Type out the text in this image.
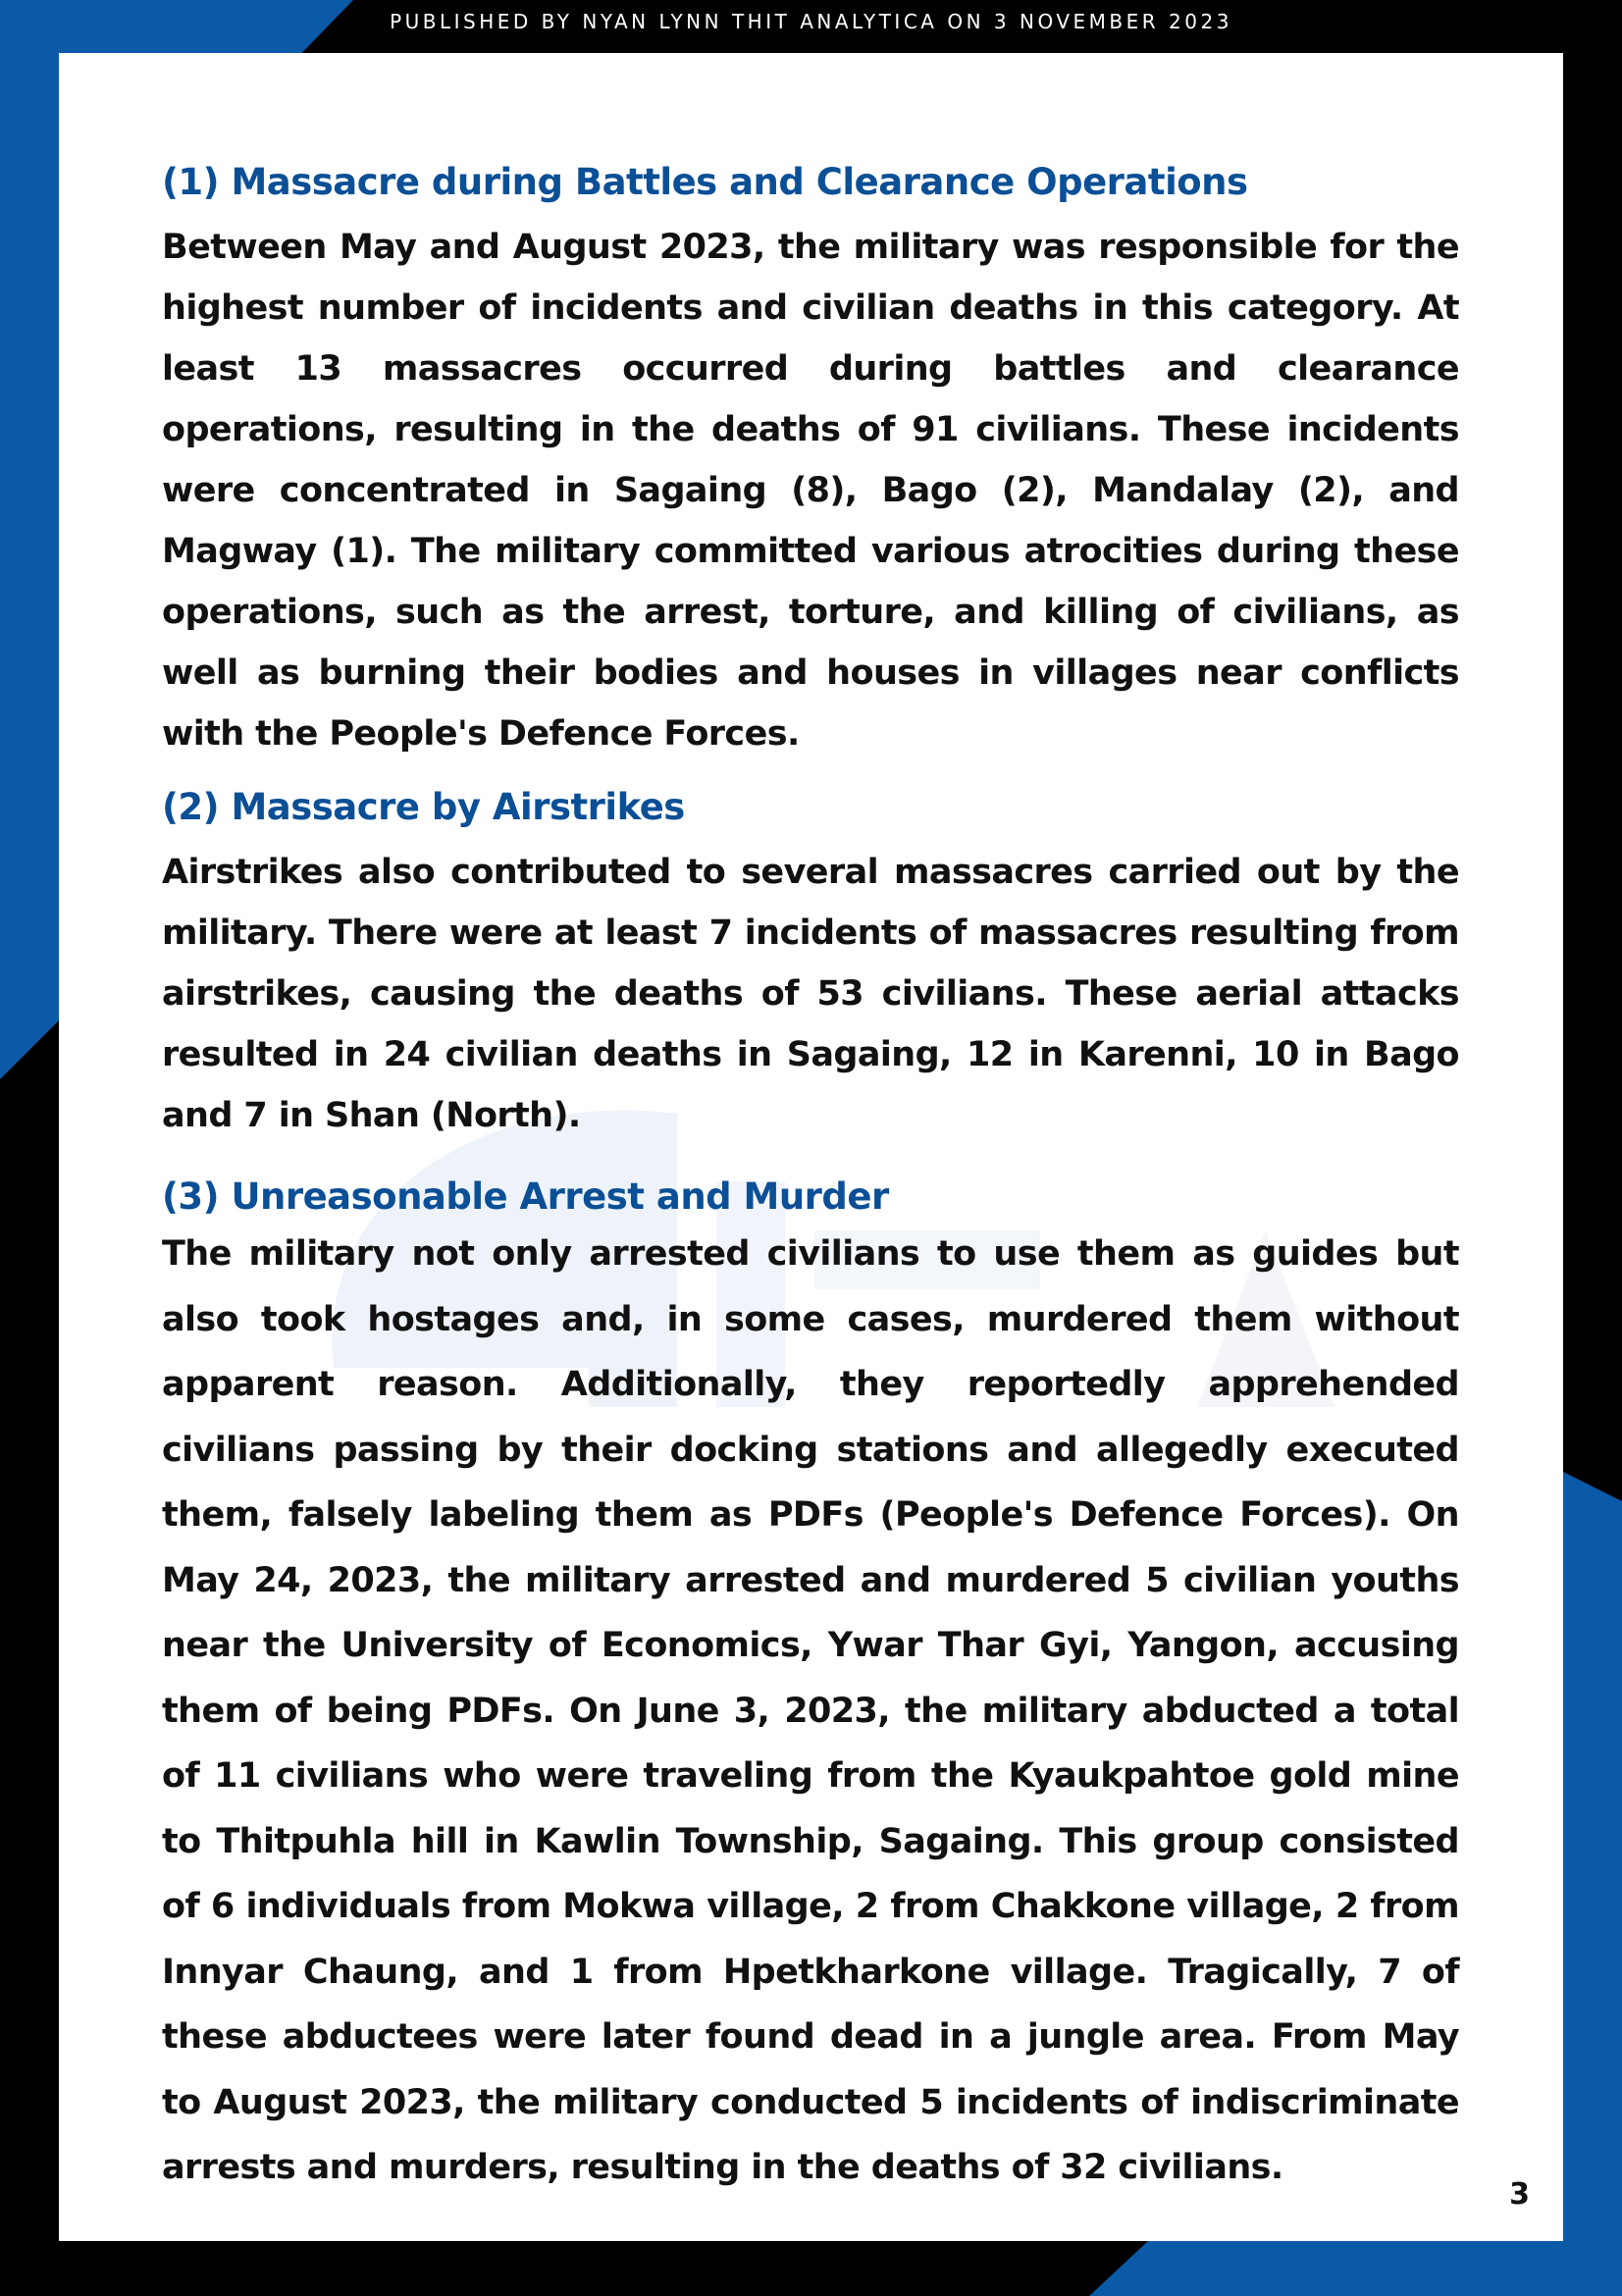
PUBLISHED BY NYAN LYNN THIT ANALYTICA ON 3 NOVEMBER 2023
(1) Massacre during Battles and Clearance Operations

Between May and August 2023, the military was responsible for the highest number of incidents and civilian deaths in this category. At least 13 massacres occurred during battles and clearance operations, resulting in the deaths of 91 civilians. These incidents were concentrated in Sagaing (8), Bago (2), Mandalay (2), and Magway (1). The military committed various atrocities during these operations, such as the arrest, torture, and killing of civilians, as well as burning their bodies and houses in villages near conflicts with the People's Defence Forces.

(2) Massacre by Airstrikes

Airstrikes also contributed to several massacres carried out by the military. There were at least 7 incidents of massacres resulting from airstrikes, causing the deaths of 53 civilians. These aerial attacks resulted in 24 civilian deaths in Sagaing, 12 in Karenni, 10 in Bago and 7 in Shan (North).

(3) Unreasonable Arrest and Murder

The military not only arrested civilians to use them as guides but also took hostages and, in some cases, murdered them without apparent reason. Additionally, they reportedly apprehended civilians passing by their docking stations and allegedly executed them, falsely labeling them as PDFs (People's Defence Forces). On May 24, 2023, the military arrested and murdered 5 civilian youths near the University of Economics, Ywar Thar Gyi, Yangon, accusing them of being PDFs. On June 3, 2023, the military abducted a total of 11 civilians who were traveling from the Kyaukpahtoe gold mine to Thitpuhla hill in Kawlin Township, Sagaing. This group consisted of 6 individuals from Mokwa village, 2 from Chakkone village, 2 from Innyar Chaung, and 1 from Hpetkharkone village. Tragically, 7 of these abductees were later found dead in a jungle area. From May to August 2023, the military conducted 5 incidents of indiscriminate arrests and murders, resulting in the deaths of 32 civilians.

3
